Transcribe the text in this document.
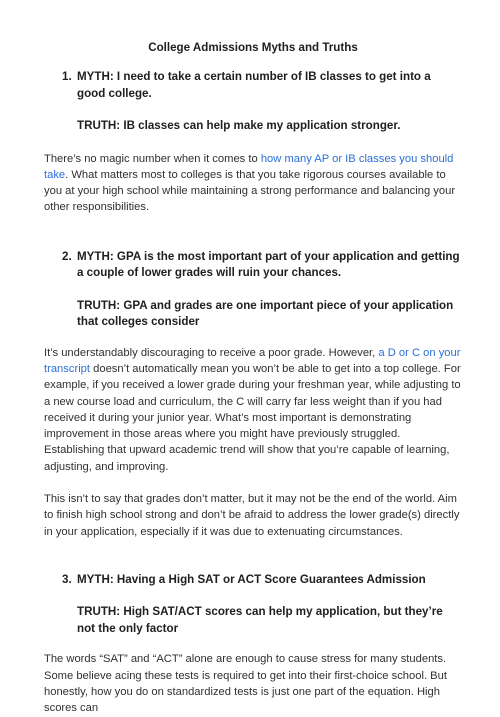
College Admissions Myths and Truths
1. MYTH: I need to take a certain number of IB classes to get into a good college.

TRUTH: IB classes can help make my application stronger.

There’s no magic number when it comes to how many AP or IB classes you should take. What matters most to colleges is that you take rigorous courses available to you at your high school while maintaining a strong performance and balancing your other responsibilities.

2. MYTH: GPA is the most important part of your application and getting a couple of lower grades will ruin your chances.

TRUTH: GPA and grades are one important piece of your application that colleges consider

It’s understandably discouraging to receive a poor grade. However, a D or C on your transcript doesn’t automatically mean you won’t be able to get into a top college. For example, if you received a lower grade during your freshman year, while adjusting to a new course load and curriculum, the C will carry far less weight than if you had received it during your junior year. What’s most important is demonstrating improvement in those areas where you might have previously struggled. Establishing that upward academic trend will show that you’re capable of learning, adjusting, and improving.

This isn’t to say that grades don’t matter, but it may not be the end of the world. Aim to finish high school strong and don’t be afraid to address the lower grade(s) directly in your application, especially if it was due to extenuating circumstances.

3. MYTH: Having a High SAT or ACT Score Guarantees Admission

TRUTH: High SAT/ACT scores can help my application, but they’re not the only factor

The words “SAT” and “ACT” alone are enough to cause stress for many students. Some believe acing these tests is required to get into their first-choice school. But honestly, how you do on standardized tests is just one part of the equation. High scores can
